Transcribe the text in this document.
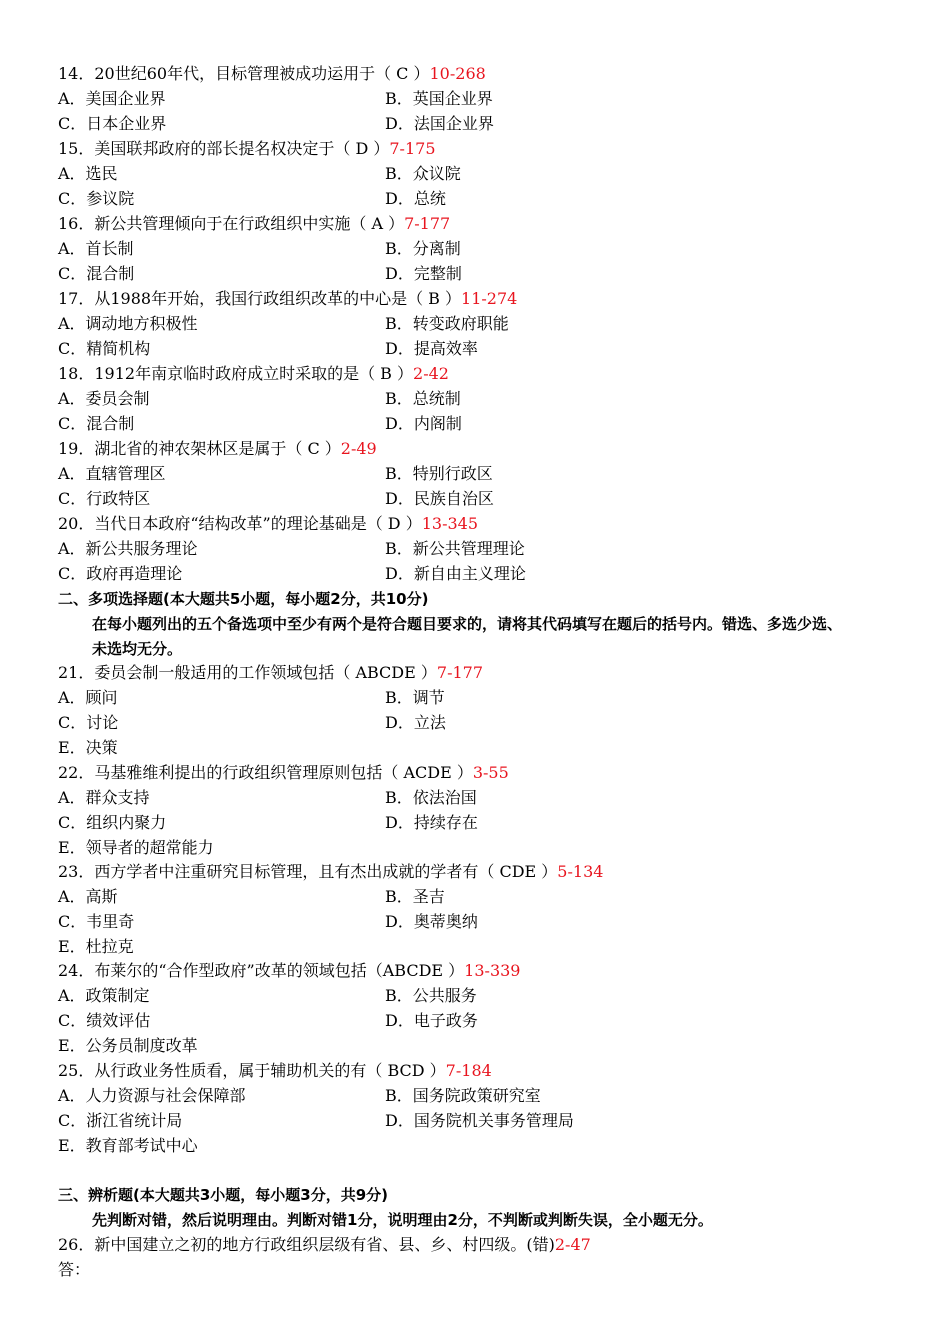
14．20世纪60年代，目标管理被成功运用于（ C ）10-268
A．美国企业界	B．英国企业界
C．日本企业界	D．法国企业界
15．美国联邦政府的部长提名权决定于（ D ）7-175
A．选民	B．众议院
C．参议院	D．总统
16．新公共管理倾向于在行政组织中实施（ A ）7-177
A．首长制	B．分离制
C．混合制	D．完整制
17．从1988年开始，我国行政组织改革的中心是（ B ）11-274
A．调动地方积极性	B．转变政府职能
C．精简机构	D．提高效率
18．1912年南京临时政府成立时采取的是（ B ）2-42
A．委员会制	B．总统制
C．混合制	D．内阁制
19．湖北省的神农架林区是属于（ C ）2-49
A．直辖管理区	B．特别行政区
C．行政特区	D．民族自治区
20．当代日本政府“结构改革”的理论基础是（ D ）13-345
A．新公共服务理论	B．新公共管理理论
C．政府再造理论	D．新自由主义理论
二、多项选择题(本大题共5小题，每小题2分，共10分)
在每小题列出的五个备选项中至少有两个是符合题目要求的，请将其代码填写在题后的括号内。错选、多选少选、
未选均无分。
21．委员会制一般适用的工作领域包括（ ABCDE ）7-177
A．顾问	B．调节
C．讨论	D．立法
E．决策
22．马基雅维利提出的行政组织管理原则包括（ ACDE ）3-55
A．群众支持	B．依法治国
C．组织内聚力	D．持续存在
E．领导者的超常能力
23．西方学者中注重研究目标管理，且有杰出成就的学者有（ CDE ）5-134
A．高斯	B．圣吉
C．韦里奇	D．奥蒂奥纳
E．杜拉克
24．布莱尔的“合作型政府”改革的领域包括（ABCDE ）13-339
A．政策制定	B．公共服务
C．绩效评估	D．电子政务
E．公务员制度改革
25．从行政业务性质看，属于辅助机关的有（ BCD ）7-184
A．人力资源与社会保障部	B．国务院政策研究室
C．浙江省统计局	D．国务院机关事务管理局
E．教育部考试中心
三、辨析题(本大题共3小题，每小题3分，共9分)
先判断对错，然后说明理由。判断对错1分，说明理由2分，不判断或判断失误，全小题无分。
26．新中国建立之初的地方行政组织层级有省、县、乡、村四级。(错)2-47
答：
